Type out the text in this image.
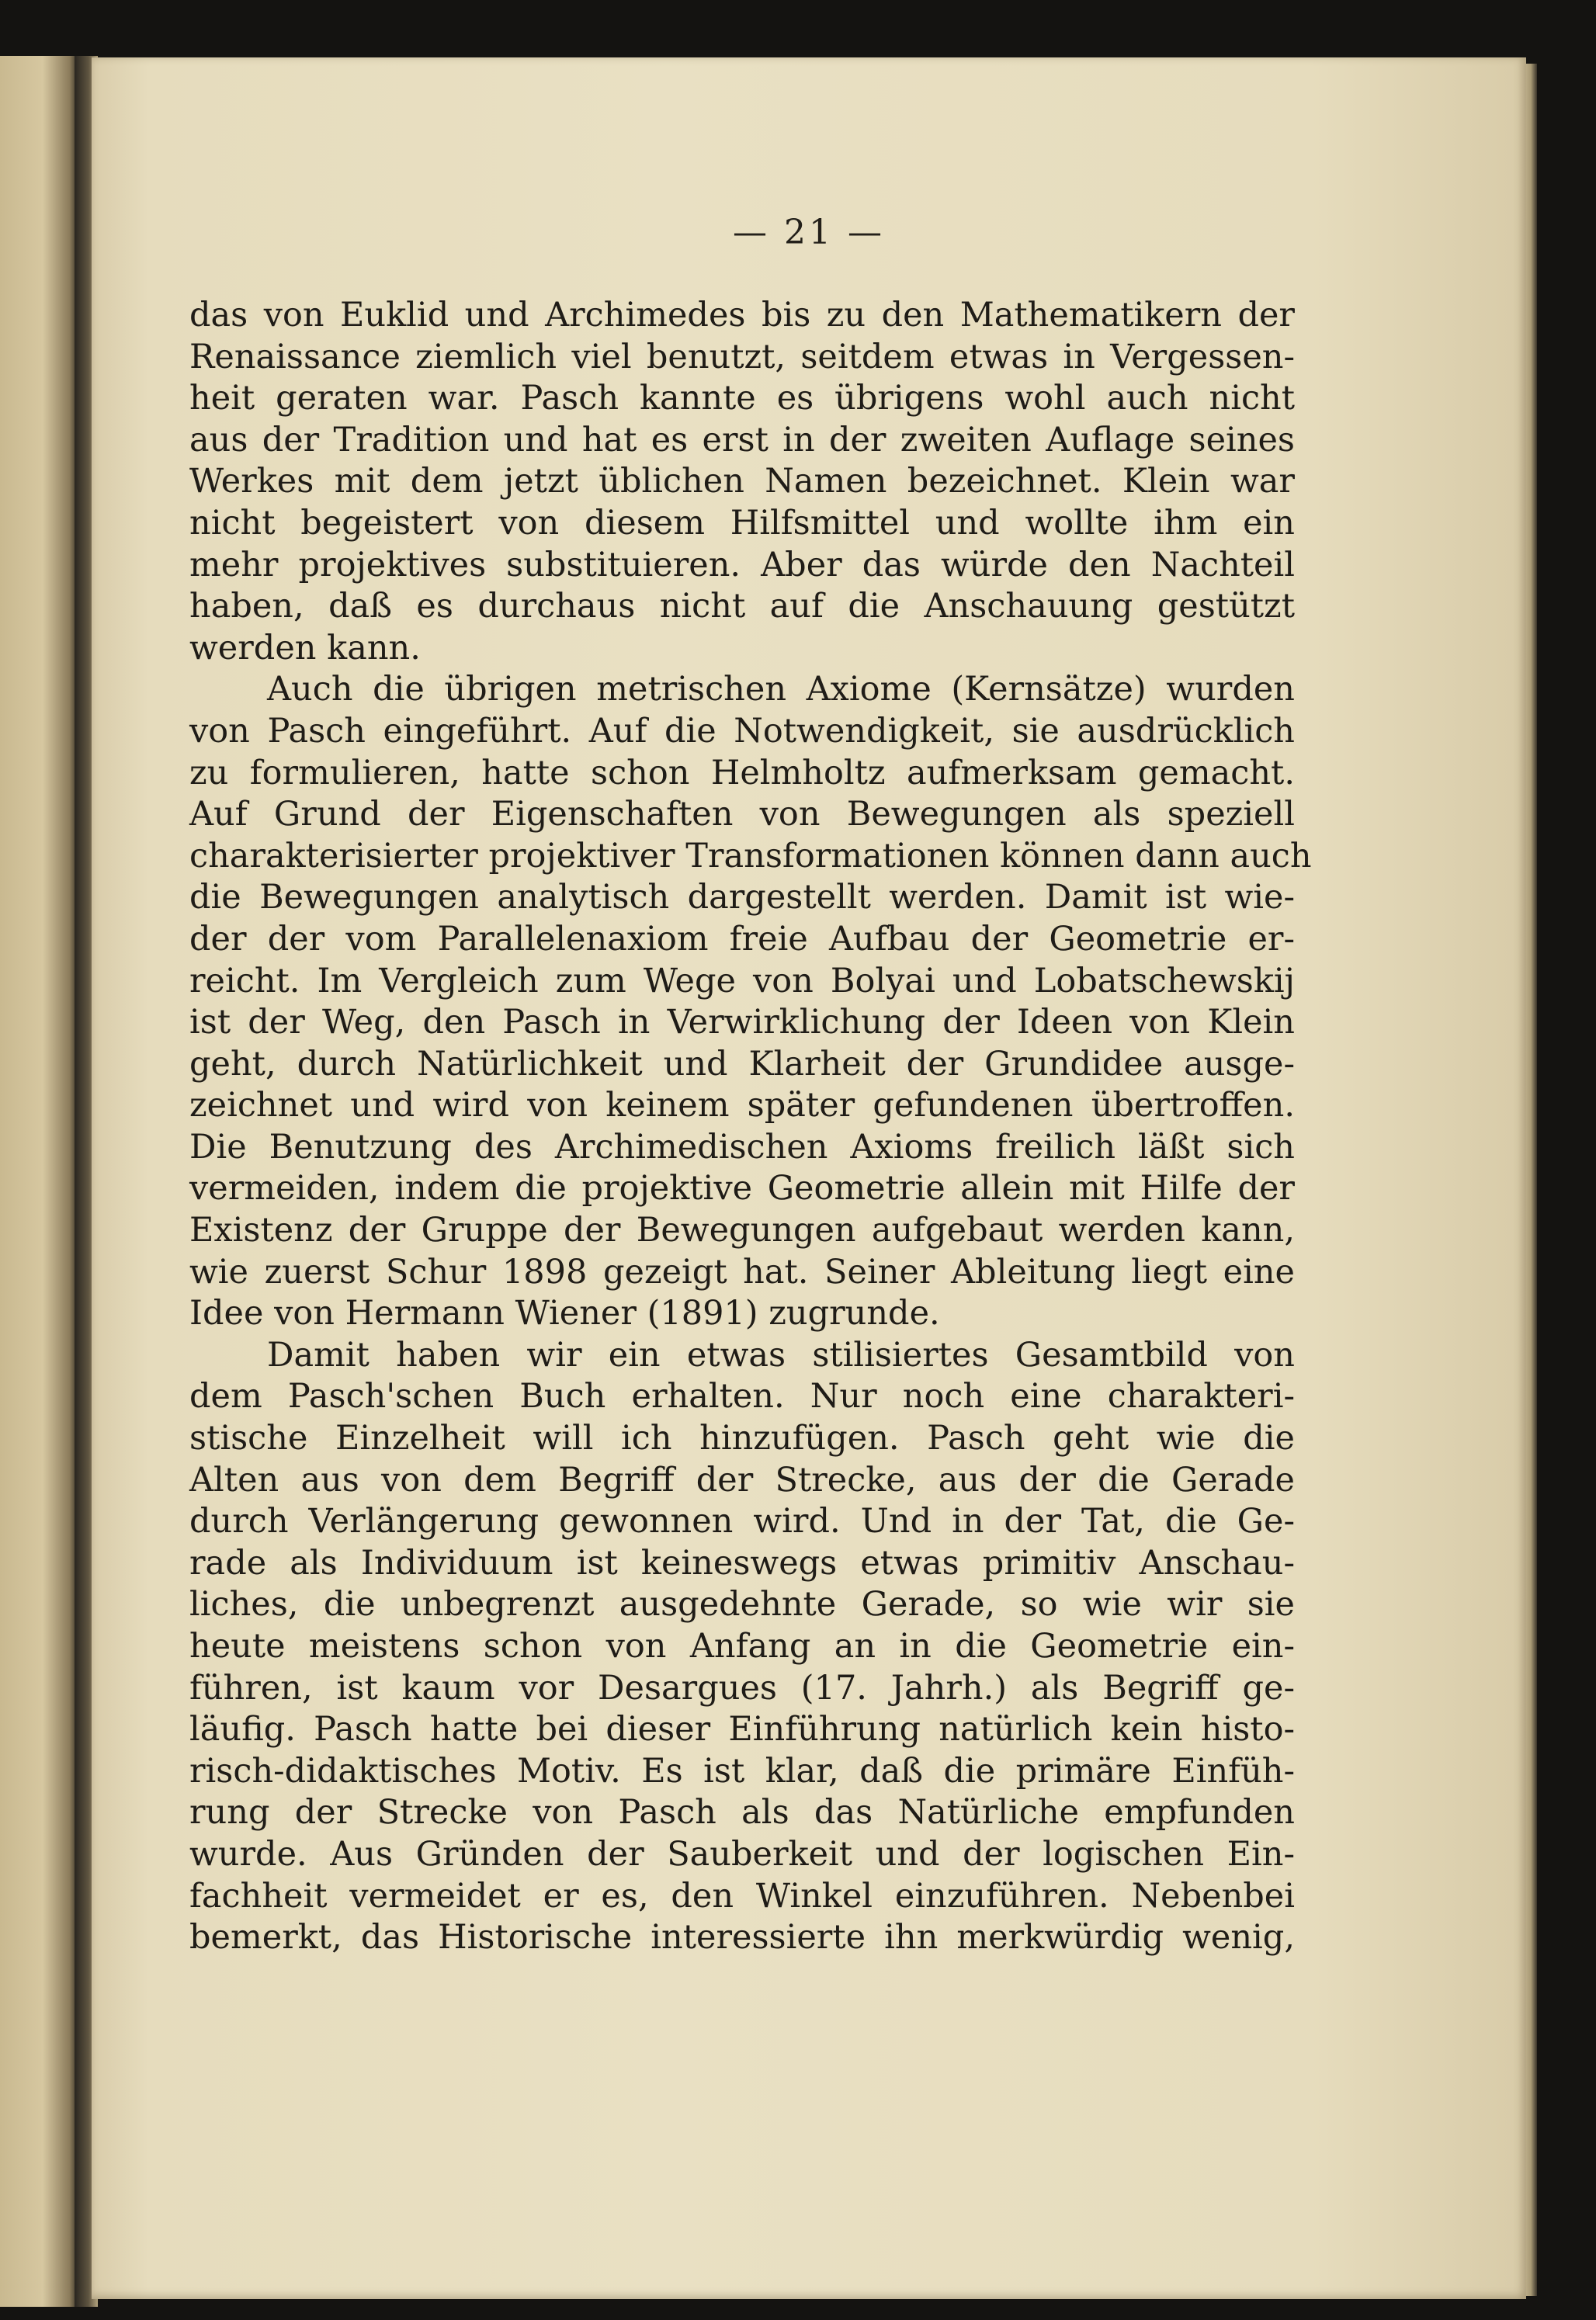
— 21 —
das von Euklid und Archimedes bis zu den Mathematikern der
Renaissance ziemlich viel benutzt, seitdem etwas in Vergessen-
heit geraten war. Pasch kannte es übrigens wohl auch nicht
aus der Tradition und hat es erst in der zweiten Auflage seines
Werkes mit dem jetzt üblichen Namen bezeichnet. Klein war
nicht begeistert von diesem Hilfsmittel und wollte ihm ein
mehr projektives substituieren. Aber das würde den Nachteil
haben, daß es durchaus nicht auf die Anschauung gestützt
werden kann.
Auch die übrigen metrischen Axiome (Kernsätze) wurden
von Pasch eingeführt. Auf die Notwendigkeit, sie ausdrücklich
zu formulieren, hatte schon Helmholtz aufmerksam gemacht.
Auf Grund der Eigenschaften von Bewegungen als speziell
charakterisierter projektiver Transformationen können dann auch
die Bewegungen analytisch dargestellt werden. Damit ist wie-
der der vom Parallelenaxiom freie Aufbau der Geometrie er-
reicht. Im Vergleich zum Wege von Bolyai und Lobatschewskij
ist der Weg, den Pasch in Verwirklichung der Ideen von Klein
geht, durch Natürlichkeit und Klarheit der Grundidee ausge-
zeichnet und wird von keinem später gefundenen übertroffen.
Die Benutzung des Archimedischen Axioms freilich läßt sich
vermeiden, indem die projektive Geometrie allein mit Hilfe der
Existenz der Gruppe der Bewegungen aufgebaut werden kann,
wie zuerst Schur 1898 gezeigt hat. Seiner Ableitung liegt eine
Idee von Hermann Wiener (1891) zugrunde.
Damit haben wir ein etwas stilisiertes Gesamtbild von
dem Pasch'schen Buch erhalten. Nur noch eine charakteri-
stische Einzelheit will ich hinzufügen. Pasch geht wie die
Alten aus von dem Begriff der Strecke, aus der die Gerade
durch Verlängerung gewonnen wird. Und in der Tat, die Ge-
rade als Individuum ist keineswegs etwas primitiv Anschau-
liches, die unbegrenzt ausgedehnte Gerade, so wie wir sie
heute meistens schon von Anfang an in die Geometrie ein-
führen, ist kaum vor Desargues (17. Jahrh.) als Begriff ge-
läufig. Pasch hatte bei dieser Einführung natürlich kein histo-
risch-didaktisches Motiv. Es ist klar, daß die primäre Einfüh-
rung der Strecke von Pasch als das Natürliche empfunden
wurde. Aus Gründen der Sauberkeit und der logischen Ein-
fachheit vermeidet er es, den Winkel einzuführen. Nebenbei
bemerkt, das Historische interessierte ihn merkwürdig wenig,
